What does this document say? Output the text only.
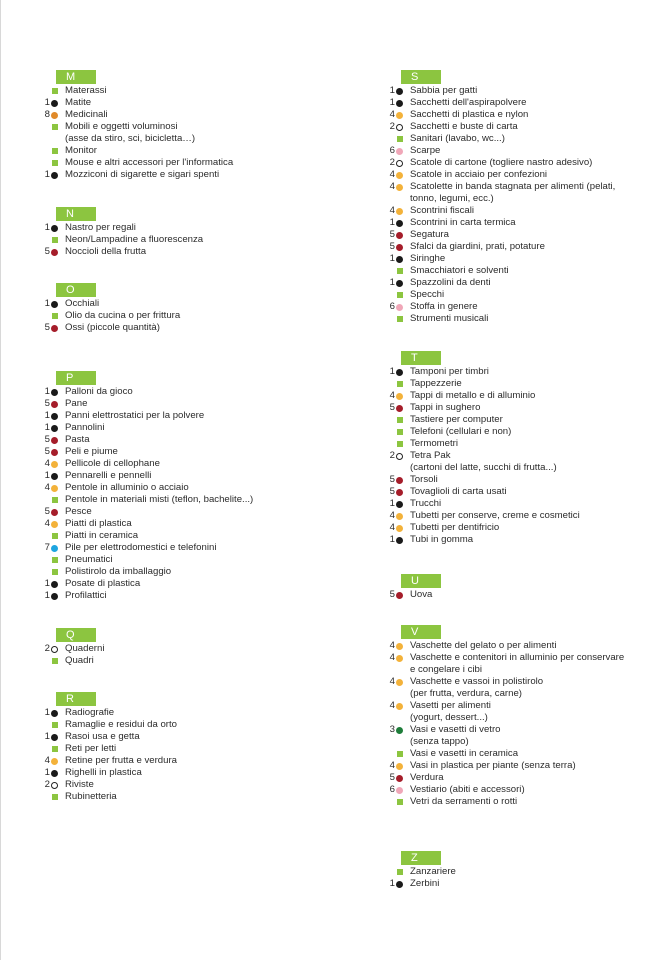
M
Materassi
1 Matite
8 Medicinali
Mobili e oggetti voluminosi
(asse da stiro, sci, bicicletta…)
Monitor
Mouse e altri accessori per l'informatica
1 Mozziconi di sigarette e sigari spenti
N
1 Nastro per regali
Neon/Lampadine a fluorescenza
5 Noccioli della frutta
O
1 Occhiali
Olio da cucina o per frittura
5 Ossi (piccole quantità)
P
1 Palloni da gioco
5 Pane
1 Panni elettrostatici per la polvere
1 Pannolini
5 Pasta
5 Peli e piume
4 Pellicole di cellophane
1 Pennarelli e pennelli
4 Pentole in alluminio o acciaio
Pentole in materiali misti (teflon, bachelite...)
5 Pesce
4 Piatti di plastica
Piatti in ceramica
7 Pile per elettrodomestici e telefonini
Pneumatici
Polistirolo da imballaggio
1 Posate di plastica
1 Profilattici
Q
2 Quaderni
Quadri
R
1 Radiografie
Ramaglie e residui da orto
1 Rasoi usa e getta
Reti per letti
4 Retine per frutta e verdura
1 Righelli in plastica
2 Riviste
Rubinetteria
S
1 Sabbia per gatti
1 Sacchetti dell'aspirapolvere
4 Sacchetti di plastica e nylon
2 Sacchetti e buste di carta
Sanitari (lavabo, wc...)
6 Scarpe
2 Scatole di cartone (togliere nastro adesivo)
4 Scatole in acciaio per confezioni
4 Scatolette in banda stagnata per alimenti (pelati,
tonno, legumi, ecc.)
4 Scontrini fiscali
1 Scontrini in carta termica
5 Segatura
5 Sfalci da giardini, prati, potature
1 Siringhe
Smacchiatori e solventi
1 Spazzolini da denti
Specchi
6 Stoffa in genere
Strumenti musicali
T
1 Tamponi per timbri
Tappezzerie
4 Tappi di metallo e di alluminio
5 Tappi in sughero
Tastiere per computer
Telefoni (cellulari e non)
Termometri
2 Tetra Pak
(cartoni del latte, succhi di frutta...)
5 Torsoli
5 Tovaglioli di carta usati
1 Trucchi
4 Tubetti per conserve, creme e cosmetici
4 Tubetti per dentifricio
1 Tubi in gomma
U
5 Uova
V
4 Vaschette del gelato o per alimenti
4 Vaschette e contenitori in alluminio per conservare
e congelare i cibi
4 Vaschette e vassoi in polistirolo
(per frutta, verdura, carne)
4 Vasetti per alimenti
(yogurt, dessert...)
3 Vasi e vasetti di vetro
(senza tappo)
Vasi e vasetti in ceramica
4 Vasi in plastica per piante (senza terra)
5 Verdura
6 Vestiario (abiti e accessori)
Vetri da serramenti o rotti
Z
Zanzariere
1 Zerbini
